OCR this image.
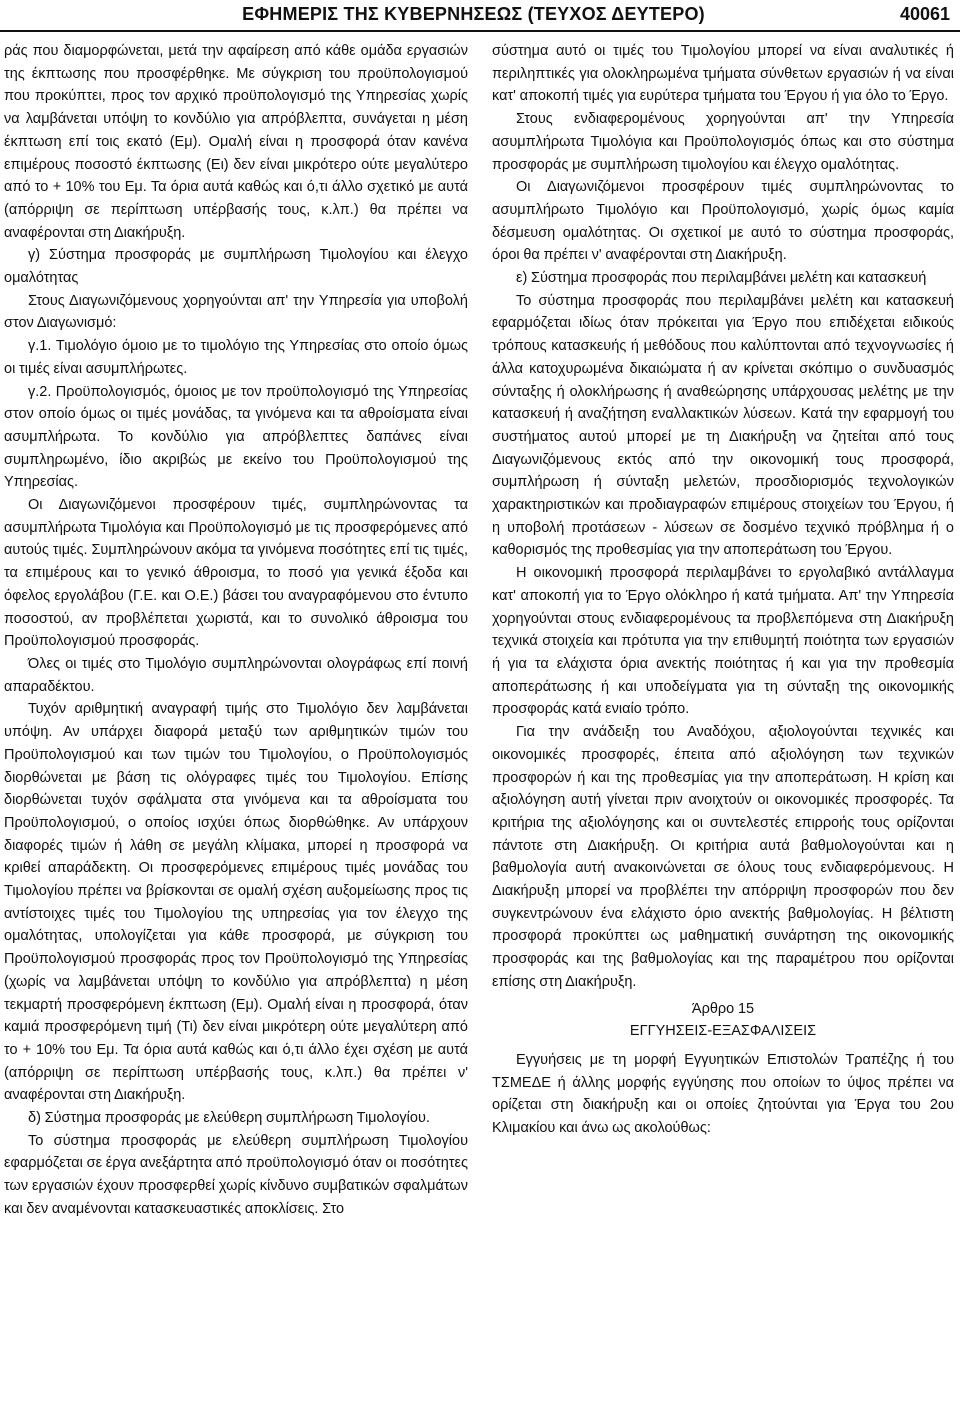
ΕΦΗΜΕΡΙΣ ΤΗΣ ΚΥΒΕΡΝΗΣΕΩΣ (ΤΕΥΧΟΣ ΔΕΥΤΕΡΟ)	40061

ράς που διαμορφώνεται, μετά την αφαίρεση από κάθε ομάδα εργασιών της έκπτωσης που προσφέρθηκε. Με σύγκριση του προϋπολογισμού που προκύπτει, προς τον αρχικό προϋπολογισμό της Υπηρεσίας χωρίς να λαμβάνεται υπόψη το κονδύλιο για απρόβλεπτα, συνάγεται η μέση έκπτωση επί τοις εκατό (Εμ). Ομαλή είναι η προσφορά όταν κανένα επιμέρους ποσοστό έκπτωσης (Ει) δεν είναι μικρότερο ούτε μεγαλύτερο από το + 10% του Εμ. Τα όρια αυτά καθώς και ό,τι άλλο σχετικό με αυτά (απόρριψη σε περίπτωση υπέρβασής τους, κ.λπ.) θα πρέπει να αναφέρονται στη Διακήρυξη.

γ) Σύστημα προσφοράς με συμπλήρωση Τιμολογίου και έλεγχο ομαλότητας

Στους Διαγωνιζόμενους χορηγούνται απ' την Υπηρεσία για υποβολή στον Διαγωνισμό:

γ.1. Τιμολόγιο όμοιο με το τιμολόγιο της Υπηρεσίας στο οποίο όμως οι τιμές είναι ασυμπλήρωτες.

γ.2. Προϋπολογισμός, όμοιος με τον προϋπολογισμό της Υπηρεσίας στον οποίο όμως οι τιμές μονάδας, τα γινόμενα και τα αθροίσματα είναι ασυμπλήρωτα. Το κονδύλιο για απρόβλεπτες δαπάνες είναι συμπληρωμένο, ίδιο ακριβώς με εκείνο του Προϋπολογισμού της Υπηρεσίας.

Οι Διαγωνιζόμενοι προσφέρουν τιμές, συμπληρώνοντας τα ασυμπλήρωτα Τιμολόγια και Προϋπολογισμό με τις προσφερόμενες από αυτούς τιμές. Συμπληρώνουν ακόμα τα γινόμενα ποσότητες επί τις τιμές, τα επιμέρους και το γενικό άθροισμα, το ποσό για γενικά έξοδα και όφελος εργολάβου (Γ.Ε. και Ο.Ε.) βάσει του αναγραφόμενου στο έντυπο ποσοστού, αν προβλέπεται χωριστά, και το συνολικό άθροισμα του Προϋπολογισμού προσφοράς.

Όλες οι τιμές στο Τιμολόγιο συμπληρώνονται ολογράφως επί ποινή απαραδέκτου.

Τυχόν αριθμητική αναγραφή τιμής στο Τιμολόγιο δεν λαμβάνεται υπόψη. Αν υπάρχει διαφορά μεταξύ των αριθμητικών τιμών του Προϋπολογισμού και των τιμών του Τιμολογίου, ο Προϋπολογισμός διορθώνεται με βάση τις ολόγραφες τιμές του Τιμολογίου. Επίσης διορθώνεται τυχόν σφάλματα στα γινόμενα και τα αθροίσματα του Προϋπολογισμού, ο οποίος ισχύει όπως διορθώθηκε. Αν υπάρχουν διαφορές τιμών ή λάθη σε μεγάλη κλίμακα, μπορεί η προσφορά να κριθεί απαράδεκτη. Οι προσφερόμενες επιμέρους τιμές μονάδας του Τιμολογίου πρέπει να βρίσκονται σε ομαλή σχέση αυξομείωσης προς τις αντίστοιχες τιμές του Τιμολογίου της υπηρεσίας για τον έλεγχο της ομαλότητας, υπολογίζεται για κάθε προσφορά, με σύγκριση του Προϋπολογισμού προσφοράς προς τον Προϋπολογισμό της Υπηρεσίας (χωρίς να λαμβάνεται υπόψη το κονδύλιο για απρόβλεπτα) η μέση τεκμαρτή προσφερόμενη έκπτωση (Εμ). Ομαλή είναι η προσφορά, όταν καμιά προσφερόμενη τιμή (Τι) δεν είναι μικρότερη ούτε μεγαλύτερη από το + 10% του Εμ. Τα όρια αυτά καθώς και ό,τι άλλο έχει σχέση με αυτά (απόρριψη σε περίπτωση υπέρβασής τους, κ.λπ.) θα πρέπει ν' αναφέρονται στη Διακήρυξη.

δ) Σύστημα προσφοράς με ελεύθερη συμπλήρωση Τιμολογίου.

Το σύστημα προσφοράς με ελεύθερη συμπλήρωση Τιμολογίου εφαρμόζεται σε έργα ανεξάρτητα από προϋπολογισμό όταν οι ποσότητες των εργασιών έχουν προσφερθεί χωρίς κίνδυνο συμβατικών σφαλμάτων και δεν αναμένονται κατασκευαστικές αποκλίσεις. Στο

σύστημα αυτό οι τιμές του Τιμολογίου μπορεί να είναι αναλυτικές ή περιληπτικές για ολοκληρωμένα τμήματα σύνθετων εργασιών ή να είναι κατ' αποκοπή τιμές για ευρύτερα τμήματα του Έργου ή για όλο το Έργο.

Στους ενδιαφερομένους χορηγούνται απ' την Υπηρεσία ασυμπλήρωτα Τιμολόγια και Προϋπολογισμός όπως και στο σύστημα προσφοράς με συμπλήρωση τιμολογίου και έλεγχο ομαλότητας.

Οι Διαγωνιζόμενοι προσφέρουν τιμές συμπληρώνοντας το ασυμπλήρωτο Τιμολόγιο και Προϋπολογισμό, χωρίς όμως καμία δέσμευση ομαλότητας. Οι σχετικοί με αυτό το σύστημα προσφοράς, όροι θα πρέπει ν' αναφέρονται στη Διακήρυξη.

ε) Σύστημα προσφοράς που περιλαμβάνει μελέτη και κατασκευή

Το σύστημα προσφοράς που περιλαμβάνει μελέτη και κατασκευή εφαρμόζεται ιδίως όταν πρόκειται για Έργο που επιδέχεται ειδικούς τρόπους κατασκευής ή μεθόδους που καλύπτονται από τεχνογνωσίες ή άλλα κατοχυρωμένα δικαιώματα ή αν κρίνεται σκόπιμο ο συνδυασμός σύνταξης ή ολοκλήρωσης ή αναθεώρησης υπάρχουσας μελέτης με την κατασκευή ή αναζήτηση εναλλακτικών λύσεων. Κατά την εφαρμογή του συστήματος αυτού μπορεί με τη Διακήρυξη να ζητείται από τους Διαγωνιζόμενους εκτός από την οικονομική τους προσφορά, συμπλήρωση ή σύνταξη μελετών, προσδιορισμός τεχνολογικών χαρακτηριστικών και προδιαγραφών επιμέρους στοιχείων του Έργου, ή η υποβολή προτάσεων - λύσεων σε δοσμένο τεχνικό πρόβλημα ή ο καθορισμός της προθεσμίας για την αποπεράτωση του Έργου.

Η οικονομική προσφορά περιλαμβάνει το εργολαβικό αντάλλαγμα κατ' αποκοπή για το Έργο ολόκληρο ή κατά τμήματα. Απ' την Υπηρεσία χορηγούνται στους ενδιαφερομένους τα προβλεπόμενα στη Διακήρυξη τεχνικά στοιχεία και πρότυπα για την επιθυμητή ποιότητα των εργασιών ή για τα ελάχιστα όρια ανεκτής ποιότητας ή και για την προθεσμία αποπεράτωσης ή και υποδείγματα για τη σύνταξη της οικονομικής προσφοράς κατά ενιαίο τρόπο.

Για την ανάδειξη του Αναδόχου, αξιολογούνται τεχνικές και οικονομικές προσφορές, έπειτα από αξιολόγηση των τεχνικών προσφορών ή και της προθεσμίας για την αποπεράτωση. Η κρίση και αξιολόγηση αυτή γίνεται πριν ανοιχτούν οι οικονομικές προσφορές. Τα κριτήρια της αξιολόγησης και οι συντελεστές επιρροής τους ορίζονται πάντοτε στη Διακήρυξη. Οι κριτήρια αυτά βαθμολογούνται και η βαθμολογία αυτή ανακοινώνεται σε όλους τους ενδιαφερόμενους. Η Διακήρυξη μπορεί να προβλέπει την απόρριψη προσφορών που δεν συγκεντρώνουν ένα ελάχιστο όριο ανεκτής βαθμολογίας. Η βέλτιστη προσφορά προκύπτει ως μαθηματική συνάρτηση της οικονομικής προσφοράς και της βαθμολογίας και της παραμέτρου που ορίζονται επίσης στη Διακήρυξη.

Άρθρο 15

ΕΓΓΥΗΣΕΙΣ-ΕΞΑΣΦΑΛΙΣΕΙΣ

Εγγυήσεις με τη μορφή Εγγυητικών Επιστολών Τραπέζης ή του ΤΣΜΕΔΕ ή άλλης μορφής εγγύησης που οποίων το ύψος πρέπει να ορίζεται στη διακήρυξη και οι οποίες ζητούνται για Έργα του 2ου Κλιμακίου και άνω ως ακολούθως:
